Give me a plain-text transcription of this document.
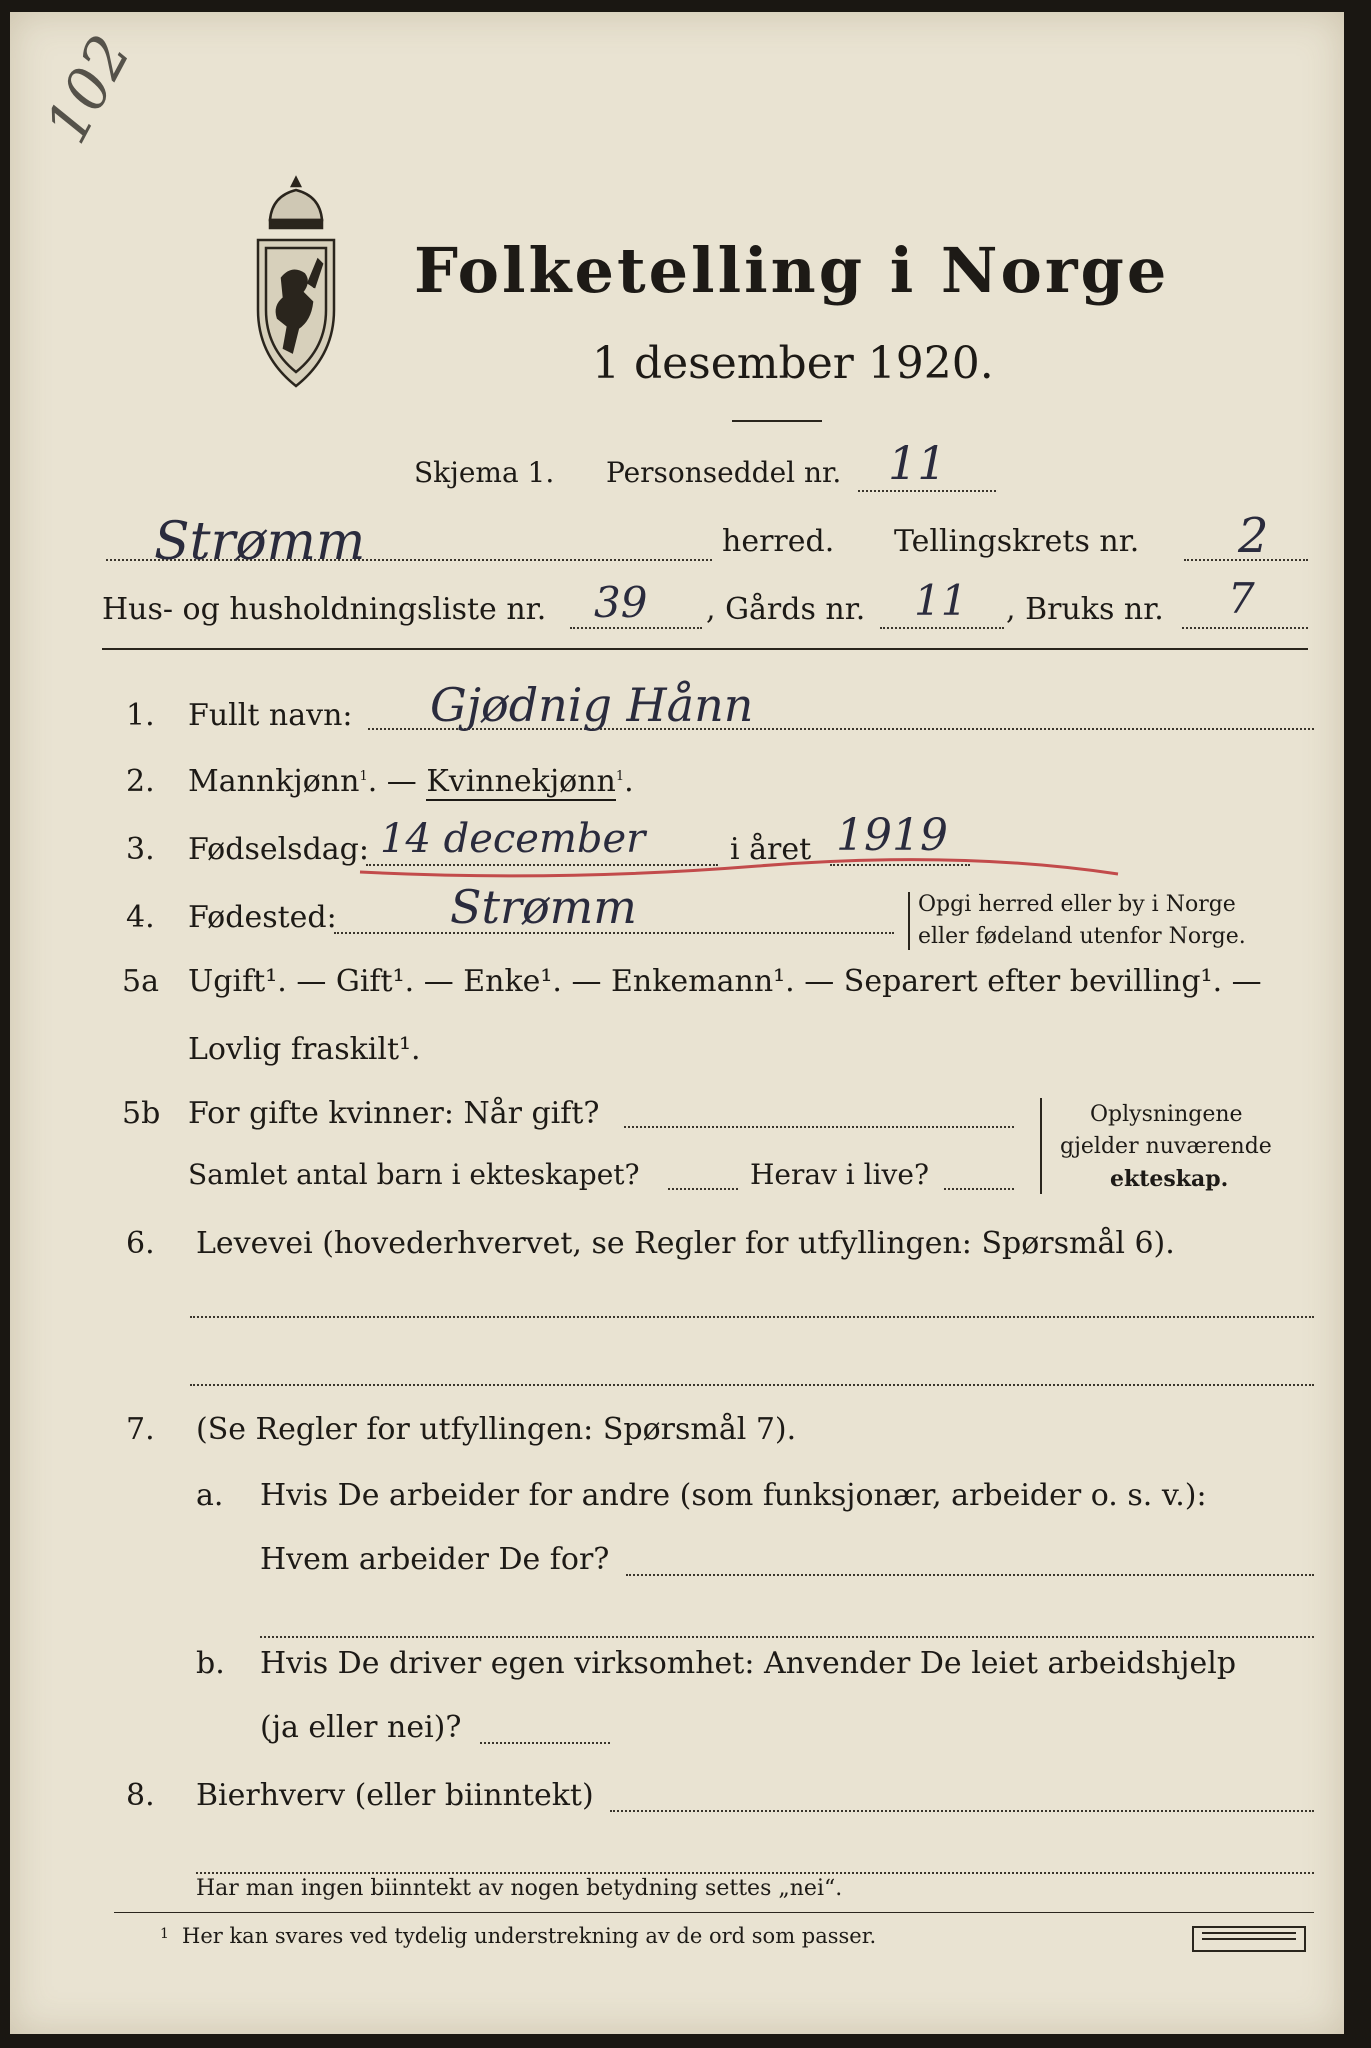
102
Folketelling i Norge
1 desember 1920.
Skjema 1. Personseddel nr. 11
Strømm	herred. Tellingskrets nr. 2
Hus- og husholdningsliste nr. 39 , Gårds nr. 11 , Bruks nr. 7
1. Fullt navn: Gjødnig Hånn
2. Mannkjønn$^1$. — Kvinnekjønn$^1$.
3. Fødselsdag: 14 december	i året 1919
4. Fødested: Strømm	Opgi herred eller by i Norge
eller fødeland utenfor Norge.
5a Ugift¹. — Gift¹. — Enke¹. — Enkemann¹. — Separert efter bevilling¹. —
Lovlig fraskilt¹.
5b For gifte kvinner: Når gift?
Samlet antal barn i ekteskapet?	Herav i live?
Oplysningene
gjelder nuværende
ekteskap.
6. Levevei (hovederhvervet, se Regler for utfyllingen: Spørsmål 6).
7. (Se Regler for utfyllingen: Spørsmål 7).
a. Hvis De arbeider for andre (som funksjonær, arbeider o. s. v.):
Hvem arbeider De for?
b. Hvis De driver egen virksomhet: Anvender De leiet arbeidshjelp
(ja eller nei)?
8. Bierhverv (eller biinntekt)
Har man ingen biinntekt av nogen betydning settes „nei“.
1 Her kan svares ved tydelig understrekning av de ord som passer.
